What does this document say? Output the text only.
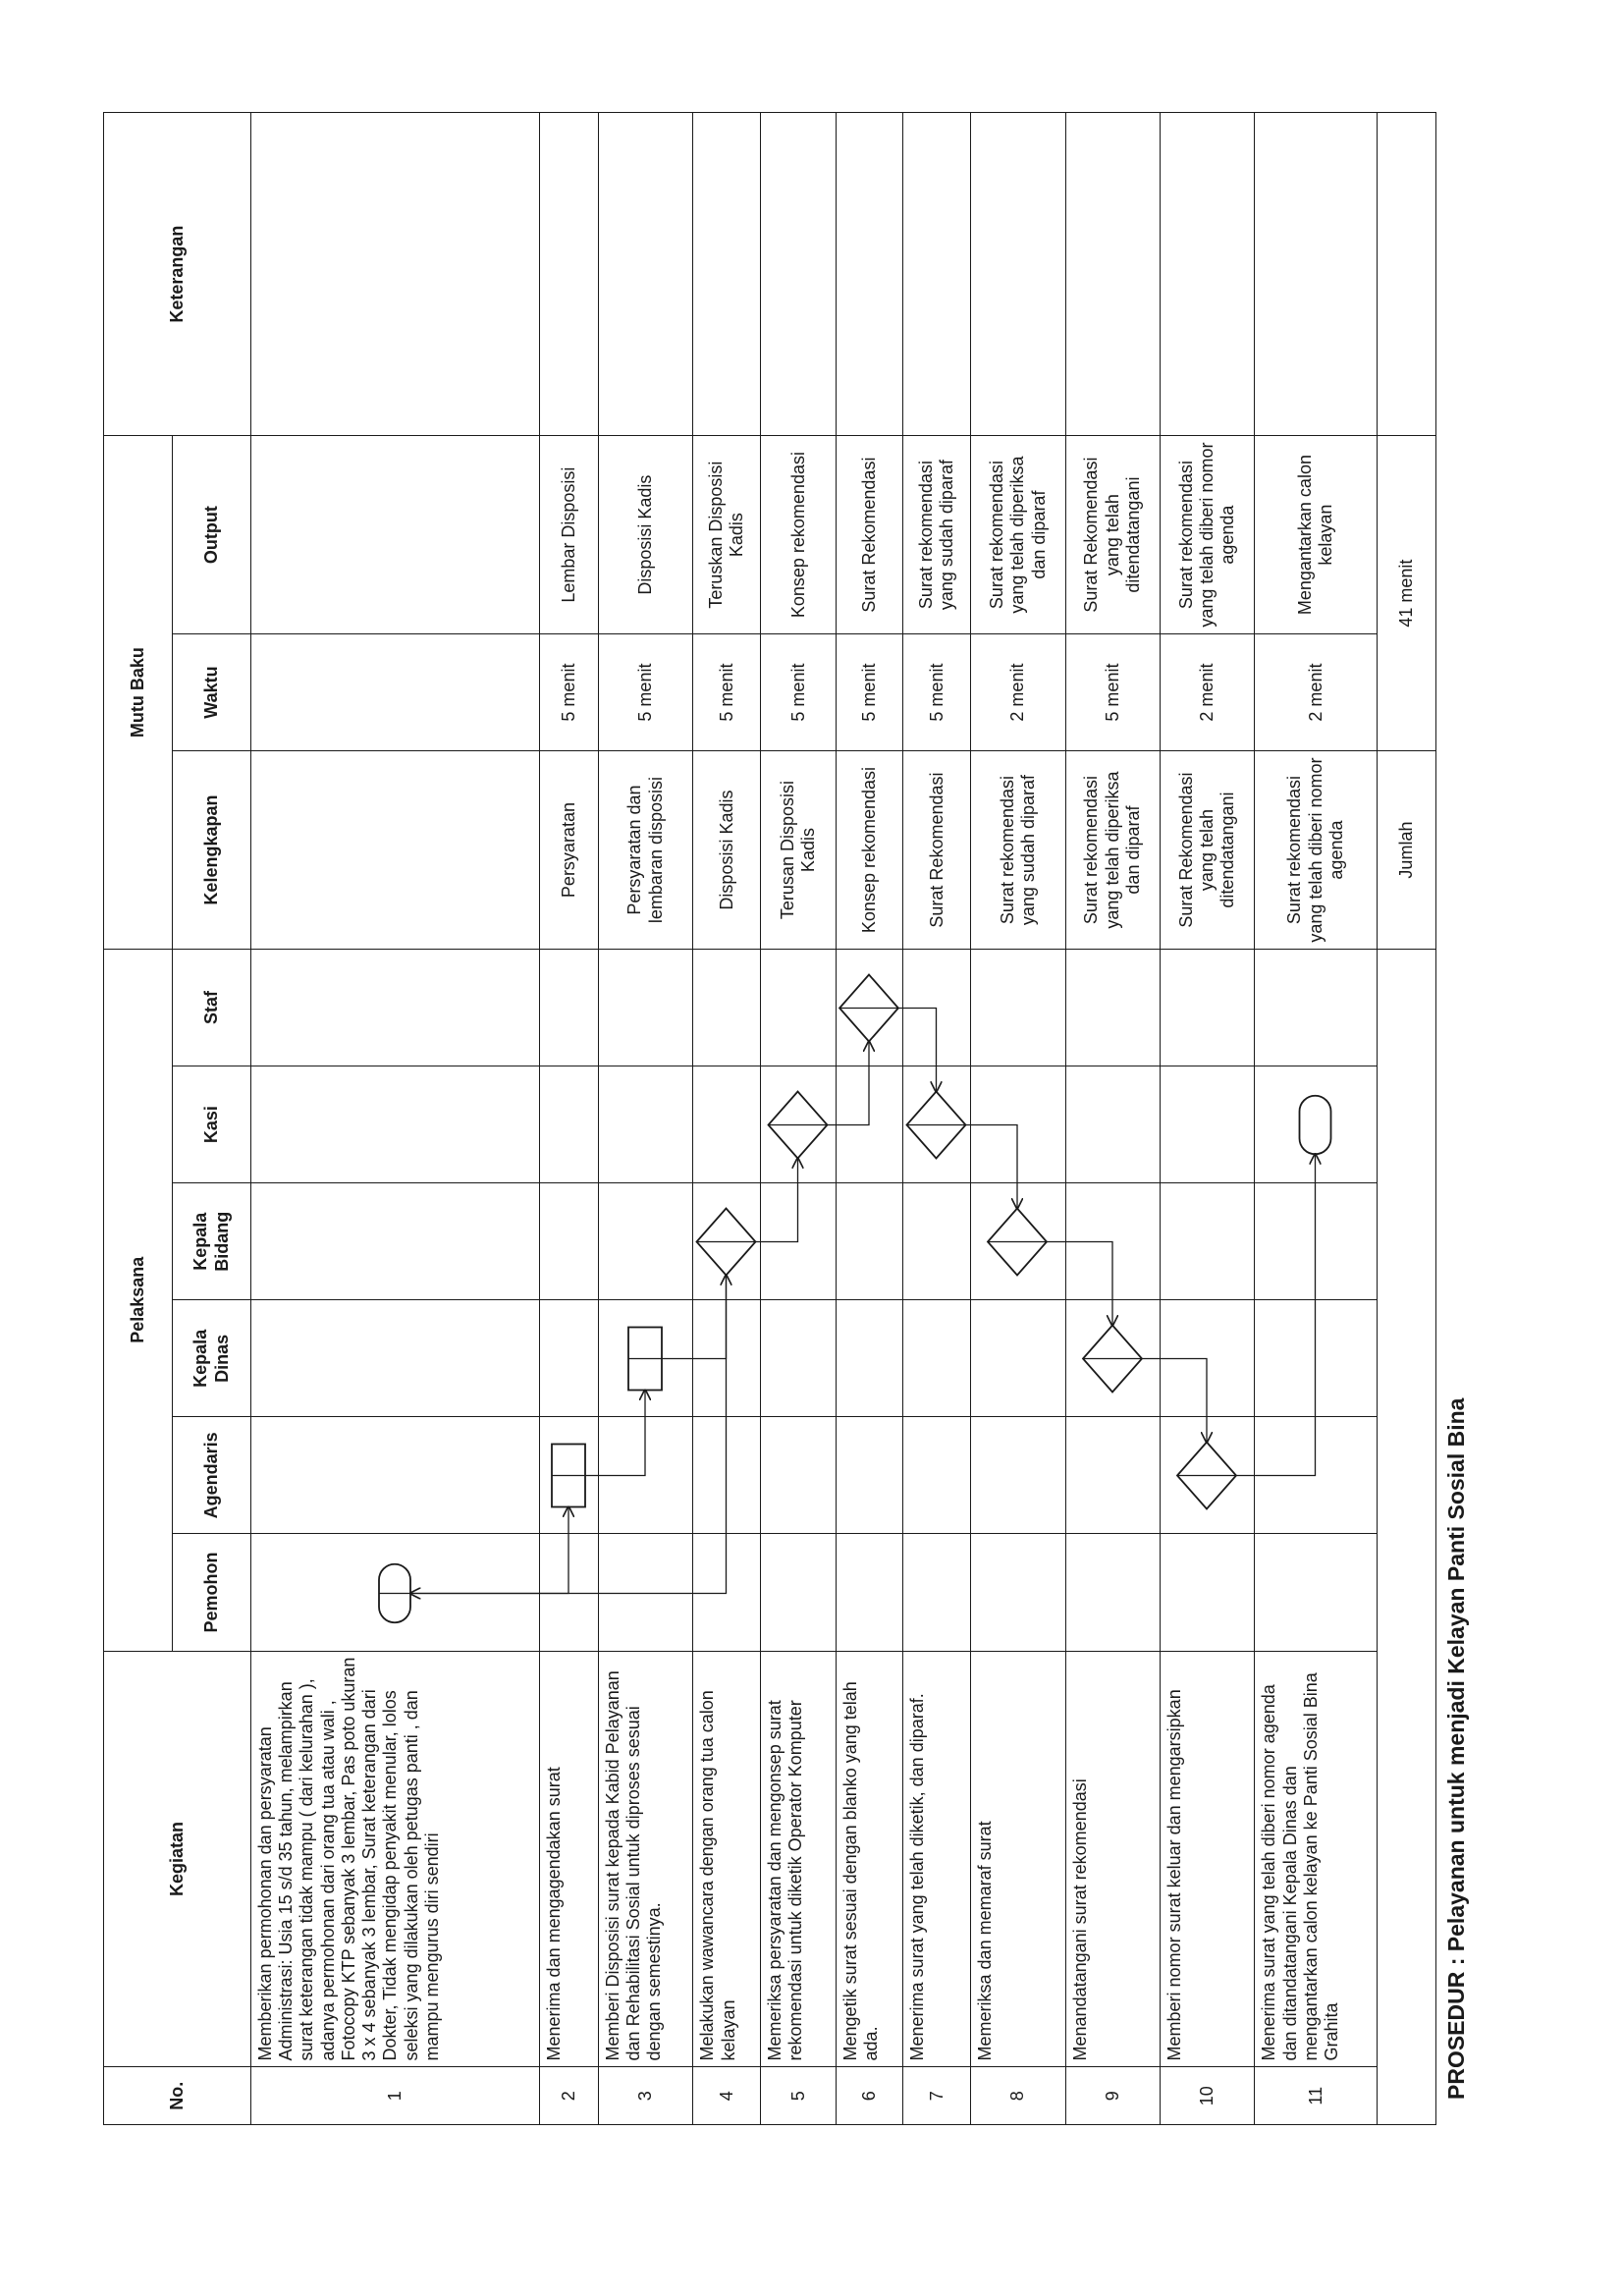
PROSEDUR : Pelayanan untuk menjadi Kelayan Panti Sosial Bina
No.	Kegiatan	Pelaksana						Mutu Baku			Keterangan
		Pemohon	Agendaris	Kepala Dinas	Kepala Bidang	Kasi	Staf	Kelengkapan	Waktu	Output	
1	Memberikan permohonan dan persyaratan Administrasi: Usia 15 s/d 35 tahun, melampirkan surat keterangan tidak mampu ( dari kelurahan ), adanya permohonan dari orang tua atau wali , Fotocopy KTP sebanyak 3 lembar, Pas poto ukuran 3 x 4 sebanyak 3 lembar, Surat keterangan dari Dokter, Tidak mengidap penyakit menular, lolos seleksi yang dilakukan oleh petugas panti , dan mampu mengurus diri sendiri										
2	Menerima dan mengagendakan surat							Persyaratan	5 menit	Lembar Disposisi	
3	Memberi Disposisi surat kepada Kabid Pelayanan dan Rehabilitasi Sosial untuk diproses sesuai dengan semestinya.							Persyaratan dan lembaran disposisi	5 menit	Disposisi Kadis	
4	Melakukan wawancara dengan orang tua calon kelayan							Disposisi Kadis	5 menit	Teruskan Disposisi Kadis	
5	Memeriksa persyaratan dan mengonsep surat rekomendasi untuk diketik Operator Komputer							Terusan Disposisi Kadis	5 menit	Konsep rekomendasi	
6	Mengetik surat sesuai dengan blanko yang telah ada.							Konsep rekomendasi	5 menit	Surat Rekomendasi	
7	Menerima surat yang telah diketik, dan diparaf.							Surat Rekomendasi	5 menit	Surat rekomendasi yang sudah diparaf	
8	Memeriksa dan memaraf surat							Surat rekomendasi yang sudah diparaf	2 menit	Surat rekomendasi yang telah diperiksa dan diparaf	
9	Menandatangani surat rekomendasi							Surat rekomendasi yang telah diperiksa dan diparaf	5 menit	Surat Rekomendasi yang telah ditendatangani	
10	Memberi nomor surat keluar dan mengarsipkan							Surat Rekomendasi yang telah ditendatangani	2 menit	Surat rekomendasi yang telah diberi nomor agenda	
11	Menerima surat yang telah diberi nomor agenda dan ditandatangani Kepala Dinas dan mengantarkan calon kelayan ke Panti Sosial Bina Grahita							Surat rekomendasi yang telah diberi nomor agenda	2 menit	Mengantarkan calon kelayan	
								Jumlah	41 menit		
